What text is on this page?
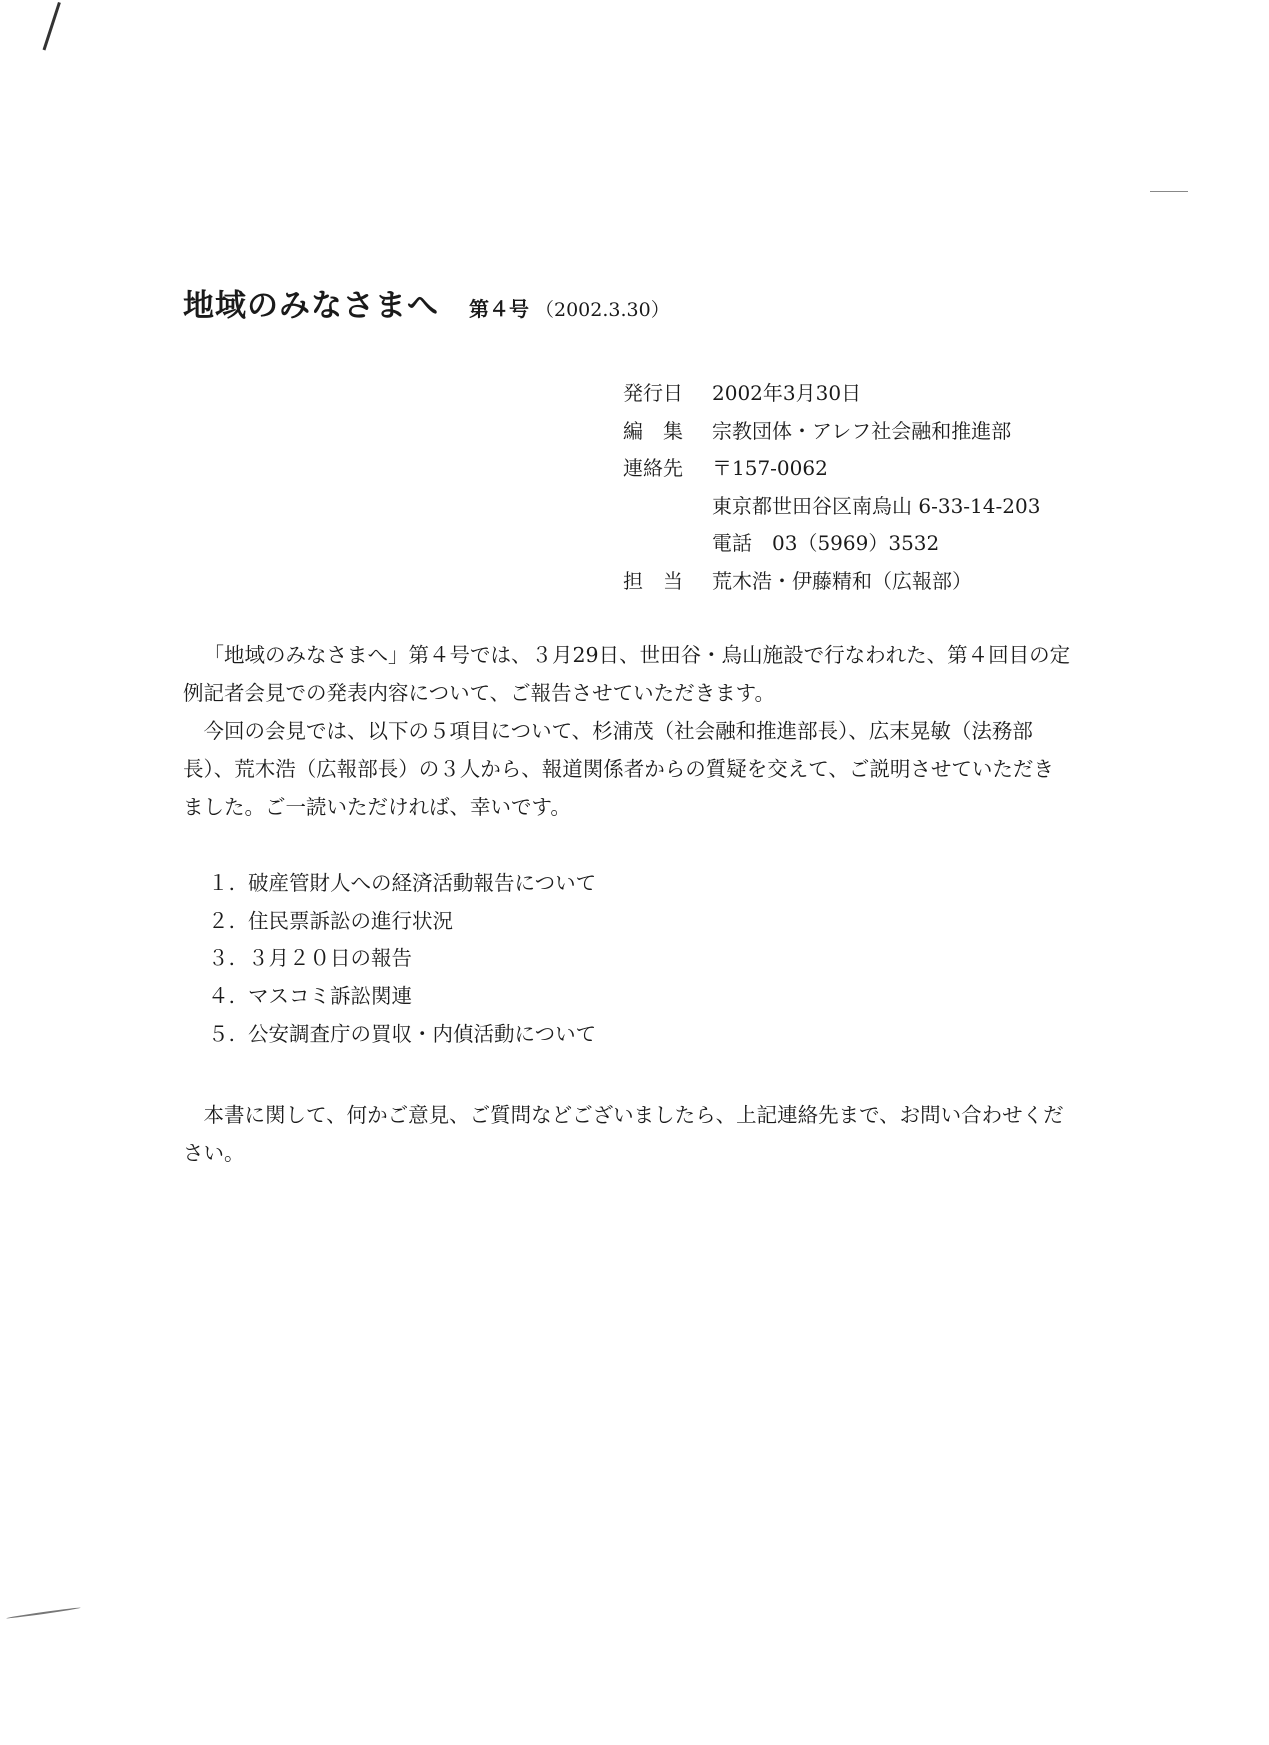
地域のみなさまへ 第４号 （2002.3.30）
発行日	2002年3月30日
編　集	宗教団体・アレフ社会融和推進部
連絡先	〒157-0062
東京都世田谷区南烏山 6-33-14-203
電話　03（5969）3532
担　当	荒木浩・伊藤精和（広報部）

「地域のみなさまへ」第４号では、３月29日、世田谷・烏山施設で行なわれた、第４回目の定例記者会見での発表内容について、ご報告させていただきます。

今回の会見では、以下の５項目について、杉浦茂（社会融和推進部長）、広末晃敏（法務部長）、荒木浩（広報部長）の３人から、報道関係者からの質疑を交えて、ご説明させていただきました。ご一読いただければ、幸いです。

１. 破産管財人への経済活動報告について
２. 住民票訴訟の進行状況
３. ３月２０日の報告
４. マスコミ訴訟関連
５. 公安調査庁の買収・内偵活動について

本書に関して、何かご意見、ご質問などございましたら、上記連絡先まで、お問い合わせください。
